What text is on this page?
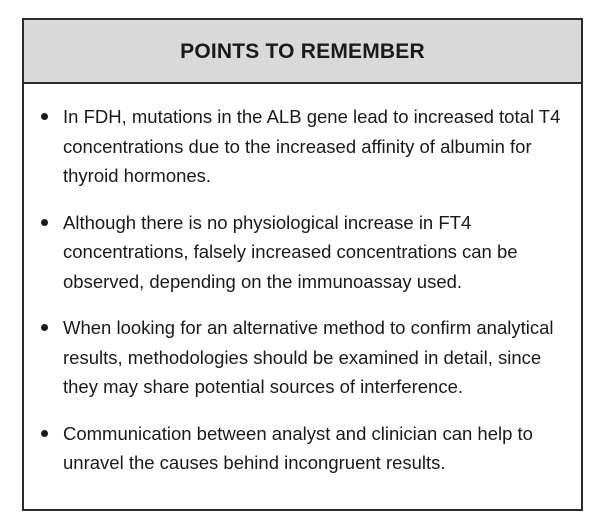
POINTS TO REMEMBER
In FDH, mutations in the ALB gene lead to increased total T4 concentrations due to the increased affinity of albumin for thyroid hormones.
Although there is no physiological increase in FT4 concentrations, falsely increased concentrations can be observed, depending on the immunoassay used.
When looking for an alternative method to confirm analytical results, methodologies should be examined in detail, since they may share potential sources of interference.
Communication between analyst and clinician can help to unravel the causes behind incongruent results.
